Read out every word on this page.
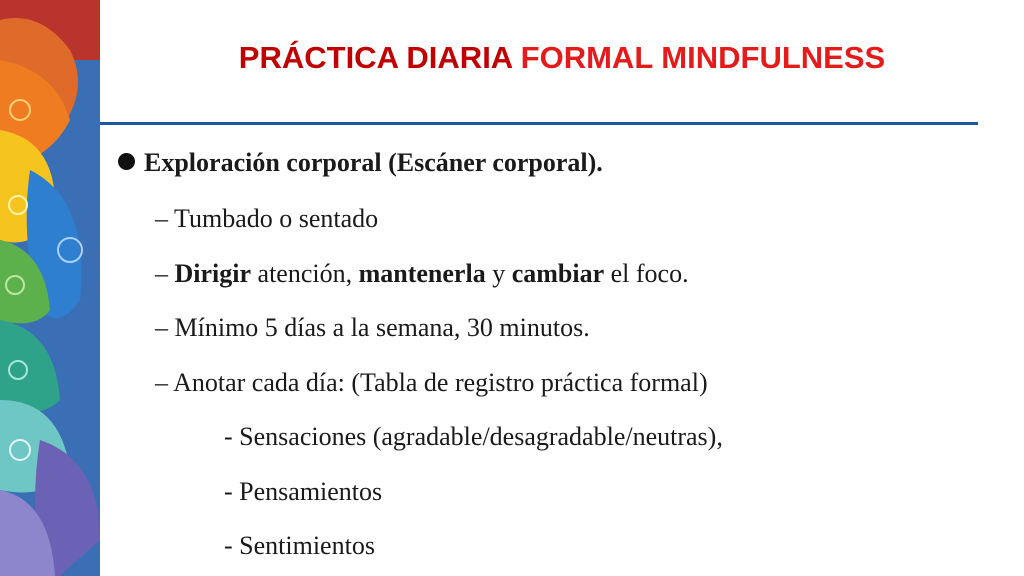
PRÁCTICA DIARIA FORMAL MINDFULNESS
Exploración corporal (Escáner corporal).
– Tumbado o sentado
– Dirigir atención, mantenerla y cambiar el foco.
– Mínimo 5 días a la semana, 30 minutos.
– Anotar cada día: (Tabla de registro práctica formal)
- Sensaciones (agradable/desagradable/neutras),
- Pensamientos
- Sentimientos
